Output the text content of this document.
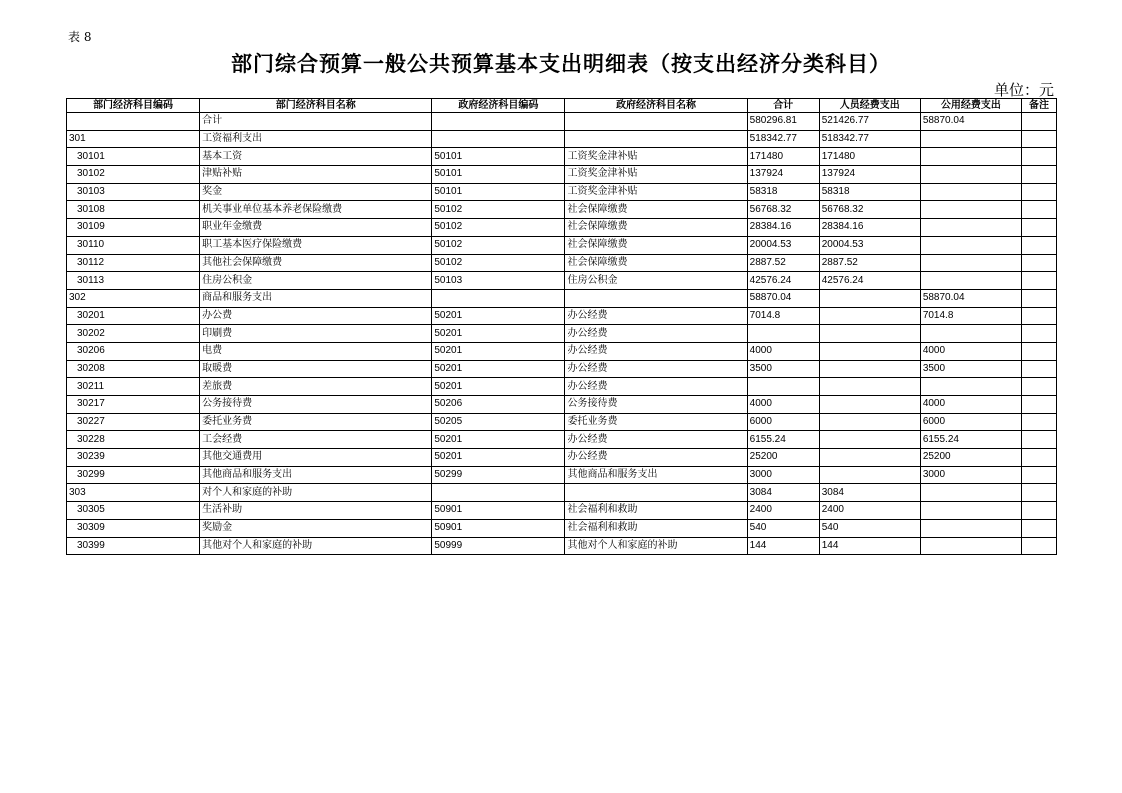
表 8
部门综合预算一般公共预算基本支出明细表（按支出经济分类科目）
单位：元
部门经济科目编码	部门经济科目名称	政府经济科目编码	政府经济科目名称	合计	人员经费支出	公用经费支出	备注
	合计			580296.81	521426.77	58870.04	
301	工资福利支出			518342.77	518342.77		
30101	基本工资	50101	工资奖金津补贴	171480	171480		
30102	津贴补贴	50101	工资奖金津补贴	137924	137924		
30103	奖金	50101	工资奖金津补贴	58318	58318		
30108	机关事业单位基本养老保险缴费	50102	社会保障缴费	56768.32	56768.32		
30109	职业年金缴费	50102	社会保障缴费	28384.16	28384.16		
30110	职工基本医疗保险缴费	50102	社会保障缴费	20004.53	20004.53		
30112	其他社会保障缴费	50102	社会保障缴费	2887.52	2887.52		
30113	住房公积金	50103	住房公积金	42576.24	42576.24		
302	商品和服务支出			58870.04		58870.04	
30201	办公费	50201	办公经费	7014.8		7014.8	
30202	印刷费	50201	办公经费				
30206	电费	50201	办公经费	4000		4000	
30208	取暖费	50201	办公经费	3500		3500	
30211	差旅费	50201	办公经费				
30217	公务接待费	50206	公务接待费	4000		4000	
30227	委托业务费	50205	委托业务费	6000		6000	
30228	工会经费	50201	办公经费	6155.24		6155.24	
30239	其他交通费用	50201	办公经费	25200		25200	
30299	其他商品和服务支出	50299	其他商品和服务支出	3000		3000	
303	对个人和家庭的补助			3084	3084		
30305	生活补助	50901	社会福利和救助	2400	2400		
30309	奖励金	50901	社会福利和救助	540	540		
30399	其他对个人和家庭的补助	50999	其他对个人和家庭的补助	144	144		
